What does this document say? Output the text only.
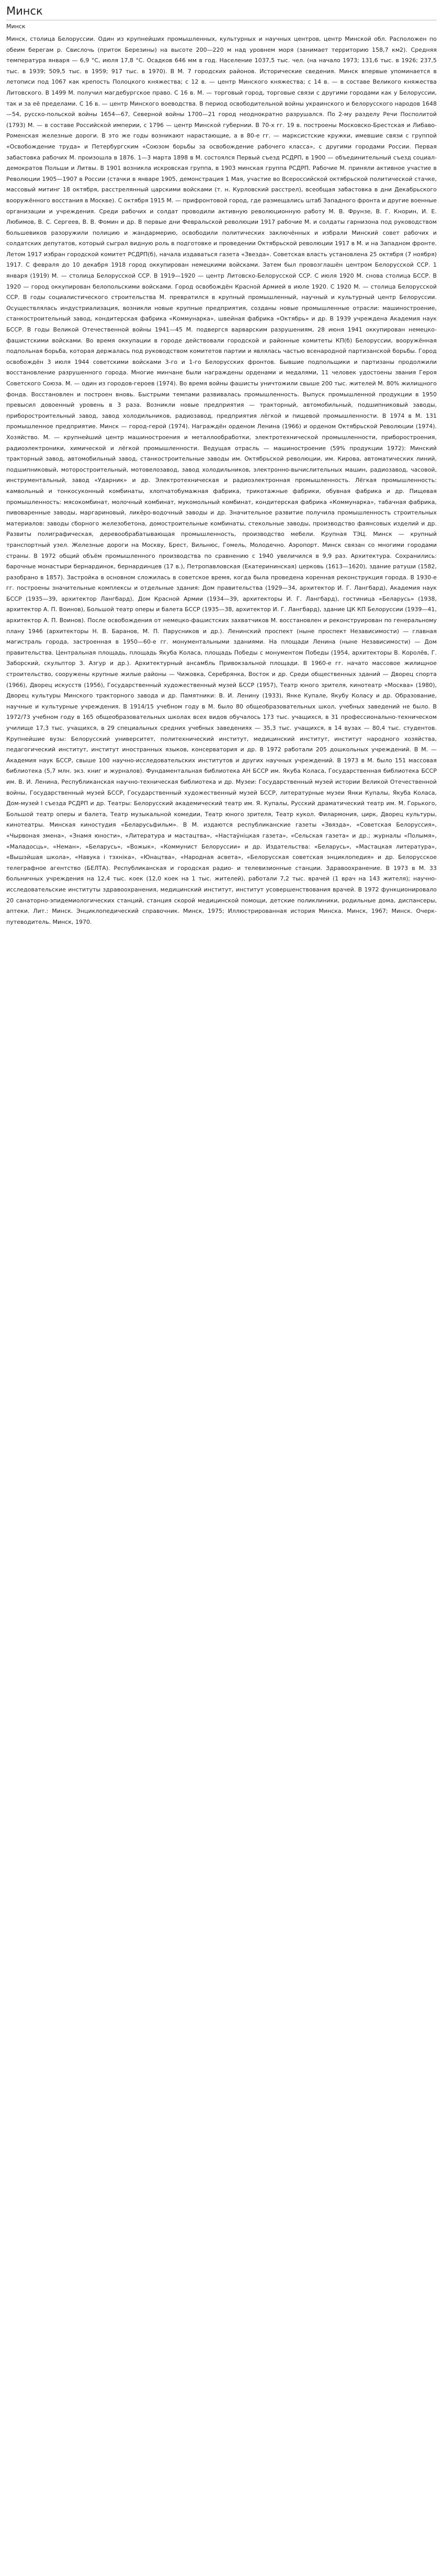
Минск
Минск

Минск, столица Белоруссии. Один из крупнейших промышленных, культурных и научных центров, центр Минской обл. Расположен по обеим берегам р. Свислочь (приток Березины) на высоте 200—220 м над уровнем моря (занимает территорию 158,7 км2). Средняя температура января — 6,9 °С, июля 17,8 °С. Осадков 646 мм в год. Население 1037,5 тыс. чел. (на начало 1973; 131,6 тыс. в 1926; 237,5 тыс. в 1939; 509,5 тыс. в 1959; 917 тыс. в 1970). В М. 7 городских районов. Исторические сведения. Минск впервые упоминается в летописи под 1067 как крепость Полоцкого княжества; с 12 в. — центр Минского княжества; с 14 в. — в составе Великого княжества Литовского. В 1499 М. получил магдебургское право. С 16 в. М. — торговый город, торговые связи с другими городами как у Белоруссии, так и за её пределами. С 16 в. — центр Минского воеводства. В период освободительной войны украинского и белорусского народов 1648—54, русско-польской войны 1654—67, Северной войны 1700—21 город неоднократно разрушался. По 2-му разделу Речи Посполитой (1793) М. — в составе Российской империи, с 1796 — центр Минской губернии. В 70-х гг. 19 в. построены Московско-Брестская и Либаво-Роменская железные дороги. В это же годы возникают нарастающие, а в 80-е гг. — марксистские кружки, имевшие связи с группой «Освобождение труда» и Петербургским «Союзом борьбы за освобождение рабочего класса», с другими городами России. Первая забастовка рабочих М. произошла в 1876. 1—3 марта 1898 в М. состоялся Первый съезд РСДРП, в 1900 — объединительный съезд социал-демократов Польши и Литвы. В 1901 возникла искровская группа, в 1903 минская группа РСДРП. Рабочие М. приняли активное участие в Революции 1905—1907 в России (стачки в январе 1905, демонстрация 1 Мая, участие во Всероссийской октябрьской политической стачке, массовый митинг 18 октября, расстрелянный царскими войсками (т. н. Курловский расстрел), всеобщая забастовка в дни Декабрьского вооружённого восстания в Москве). С октября 1915 М. — прифронтовой город, где размещались штаб Западного фронта и другие военные организации и учреждения. Среди рабочих и солдат проводили активную революционную работу М. В. Фрунзе, В. Г. Кнорин, И. Е. Любимов, В. С. Сергеев, В. В. Фомин и др. В первые дни Февральской революции 1917 рабочие М. и солдаты гарнизона под руководством большевиков разоружили полицию и жандармерию, освободили политических заключённых и избрали Минский совет рабочих и солдатских депутатов, который сыграл видную роль в подготовке и проведении Октябрьской революции 1917 в М. и на Западном фронте. Летом 1917 избран городской комитет РСДРП(б), начала издаваться газета «Звезда». Советская власть установлена 25 октября (7 ноября) 1917. С февраля до 10 декабря 1918 город оккупирован немецкими войсками. Затем был провозглашён центром Белорусской ССР. 1 января (1919) М. — столица Белорусской ССР. В 1919—1920 — центр Литовско-Белорусской ССР. С июля 1920 М. снова столица БССР. В 1920 — город оккупирован белопольскими войсками. Город освобождён Красной Армией в июле 1920. С 1920 М. — столица Белорусской ССР. В годы социалистического строительства М. превратился в крупный промышленный, научный и культурный центр Белоруссии. Осуществлялась индустриализация, возникли новые крупные предприятия, созданы новые промышленные отрасли: машиностроение, станкостроительный завод, кондитерская фабрика «Коммунарка», швейная фабрика «Октябрь» и др. В 1939 учреждена Академия наук БССР. В годы Великой Отечественной войны 1941—45 М. подвергся варварским разрушениям, 28 июня 1941 оккупирован немецко-фашистскими войсками. Во время оккупации в городе действовали городской и районные комитеты КП(б) Белоруссии, вооружённая подпольная борьба, которая держалась под руководством комитетов партии и являлась частью всенародной партизанской борьбы. Город освобождён 3 июля 1944 советскими войсками 3-го и 1-го Белорусских фронтов. Бывшие подпольщики и партизаны продолжили восстановление разрушенного города. Многие минчане были награждены орденами и медалями, 11 человек удостоены звания Героя Советского Союза. М. — один из городов-героев (1974). Во время войны фашисты уничтожили свыше 200 тыс. жителей М. 80% жилищного фонда. Восстановлен и построен вновь. Быстрыми темпами развивалась промышленность. Выпуск промышленной продукции в 1950 превысил довоенный уровень в 3 раза. Возникли новые предприятия — тракторный, автомобильный, подшипниковый заводы, приборостроительный завод, завод холодильников, радиозавод, предприятия лёгкой и пищевой промышленности. В 1974 в М. 131 промышленное предприятие. Минск — город-герой (1974). Награждён орденом Ленина (1966) и орденом Октябрьской Революции (1974). Хозяйство. М. — крупнейший центр машиностроения и металлообработки, электротехнической промышленности, приборостроения, радиоэлектроники, химической и лёгкой промышленности. Ведущая отрасль — машиностроение (59% продукции 1972): Минский тракторный завод, автомобильный завод, станкостроительные заводы им. Октябрьской революции, им. Кирова, автоматических линий, подшипниковый, моторостроительный, мотовелозавод, завод холодильников, электронно-вычислительных машин, радиозавод, часовой, инструментальный, завод «Ударник» и др. Электротехническая и радиоэлектронная промышленность. Лёгкая промышленность: камвольный и тонкосуконный комбинаты, хлопчатобумажная фабрика, трикотажные фабрики, обувная фабрика и др. Пищевая промышленность: мясокомбинат, молочный комбинат, мукомольный комбинат, кондитерская фабрика «Коммунарка», табачная фабрика, пивоваренные заводы, маргариновый, ликёро-водочный заводы и др. Значительное развитие получила промышленность строительных материалов: заводы сборного железобетона, домостроительные комбинаты, стекольные заводы, производство фаянсовых изделий и др. Развиты полиграфическая, деревообрабатывающая промышленность, производство мебели. Крупная ТЭЦ. Минск — крупный транспортный узел. Железные дороги на Москву, Брест, Вильнюс, Гомель, Молодечно. Аэропорт. Минск связан со многими городами страны. В 1972 общий объём промышленного производства по сравнению с 1940 увеличился в 9,9 раз. Архитектура. Сохранились: барочные монастыри бернардинок, бернардинцев (17 в.), Петропавловская (Екатерининская) церковь (1613—1620), здание ратуши (1582, разобрано в 1857). Застройка в основном сложилась в советское время, когда была проведена коренная реконструкция города. В 1930-е гг. построены значительные комплексы и отдельные здания: Дом правительства (1929—34, архитектор И. Г. Лангбард), Академия наук БССР (1935—39, архитектор Лангбард), Дом Красной Армии (1934—39, архитекторы И. Г. Лангбард), гостиница «Беларусь» (1938, архитектор А. П. Воинов), Большой театр оперы и балета БССР (1935—38, архитектор И. Г. Лангбард), здание ЦК КП Белоруссии (1939—41, архитектор А. П. Воинов). После освобождения от немецко-фашистских захватчиков М. восстановлен и реконструирован по генеральному плану 1946 (архитекторы Н. В. Баранов, М. П. Парусников и др.). Ленинский проспект (ныне проспект Независимости) — главная магистраль города, застроенная в 1950—60-е гг. монументальными зданиями. На площади Ленина (ныне Независимости) — Дом правительства. Центральная площадь, площадь Якуба Коласа, площадь Победы с монументом Победы (1954, архитекторы В. Королёв, Г. Заборский, скульптор З. Азгур и др.). Архитектурный ансамбль Привокзальной площади. В 1960-е гг. начато массовое жилищное строительство, сооружены крупные жилые районы — Чижовка, Серебрянка, Восток и др. Среди общественных зданий — Дворец спорта (1966), Дворец искусств (1956), Государственный художественный музей БССР (1957), Театр юного зрителя, кинотеатр «Москва» (1980), Дворец культуры Минского тракторного завода и др. Памятники: В. И. Ленину (1933), Янке Купале, Якубу Коласу и др. Образование, научные и культурные учреждения. В 1914/15 учебном году в М. было 80 общеобразовательных школ, учебных заведений не было. В 1972/73 учебном году в 165 общеобразовательных школах всех видов обучалось 173 тыс. учащихся, в 31 профессионально-техническом училище 17,3 тыс. учащихся, в 29 специальных средних учебных заведениях — 35,3 тыс. учащихся, в 14 вузах — 80,4 тыс. студентов. Крупнейшие вузы: Белорусский университет, политехнический институт, медицинский институт, институт народного хозяйства, педагогический институт, институт иностранных языков, консерватория и др. В 1972 работали 205 дошкольных учреждений. В М. — Академия наук БССР, свыше 100 научно-исследовательских институтов и других научных учреждений. В 1973 в М. было 151 массовая библиотека (5,7 млн. экз. книг и журналов). Фундаментальная библиотека АН БССР им. Якуба Коласа, Государственная библиотека БССР им. В. И. Ленина, Республиканская научно-техническая библиотека и др. Музеи: Государственный музей истории Великой Отечественной войны, Государственный музей БССР, Государственный художественный музей БССР, литературные музеи Янки Купалы, Якуба Коласа, Дом-музей I съезда РСДРП и др. Театры: Белорусский академический театр им. Я. Купалы, Русский драматический театр им. М. Горького, Большой театр оперы и балета, Театр музыкальной комедии, Театр юного зрителя, Театр кукол. Филармония, цирк, Дворец культуры, кинотеатры. Минская киностудия «Беларусьфильм». В М. издаются республиканские газеты «Звязда», «Советская Белоруссия», «Чырвоная змена», «Знамя юности», «Литература и мастацтва», «Настаўніцкая газета», «Сельская газета» и др.; журналы «Полымя», «Маладосць», «Неман», «Беларусь», «Вожык», «Коммунист Белоруссии» и др. Издательства: «Беларусь», «Мастацкая литература», «Вышэйшая школа», «Навука і тэхніка», «Юнацтва», «Народная асвета», «Белорусская советская энциклопедия» и др. Белорусское телеграфное агентство (БЕЛТА). Республиканская и городская радио- и телевизионные станции. Здравоохранение. В 1973 в М. 33 больничных учреждения на 12,4 тыс. коек (12,0 коек на 1 тыс. жителей), работали 7,2 тыс. врачей (1 врач на 143 жителя); научно-исследовательские институты здравоохранения, медицинский институт, институт усовершенствования врачей. В 1972 функционировало 20 санаторно-эпидемиологических станций, станция скорой медицинской помощи, детские поликлиники, родильные дома, диспансеры, аптеки. Лит.: Минск. Энциклопедический справочник. Минск, 1975; Иллюстрированная история Минска. Минск, 1967; Минск. Очерк-путеводитель. Минск, 1970.
